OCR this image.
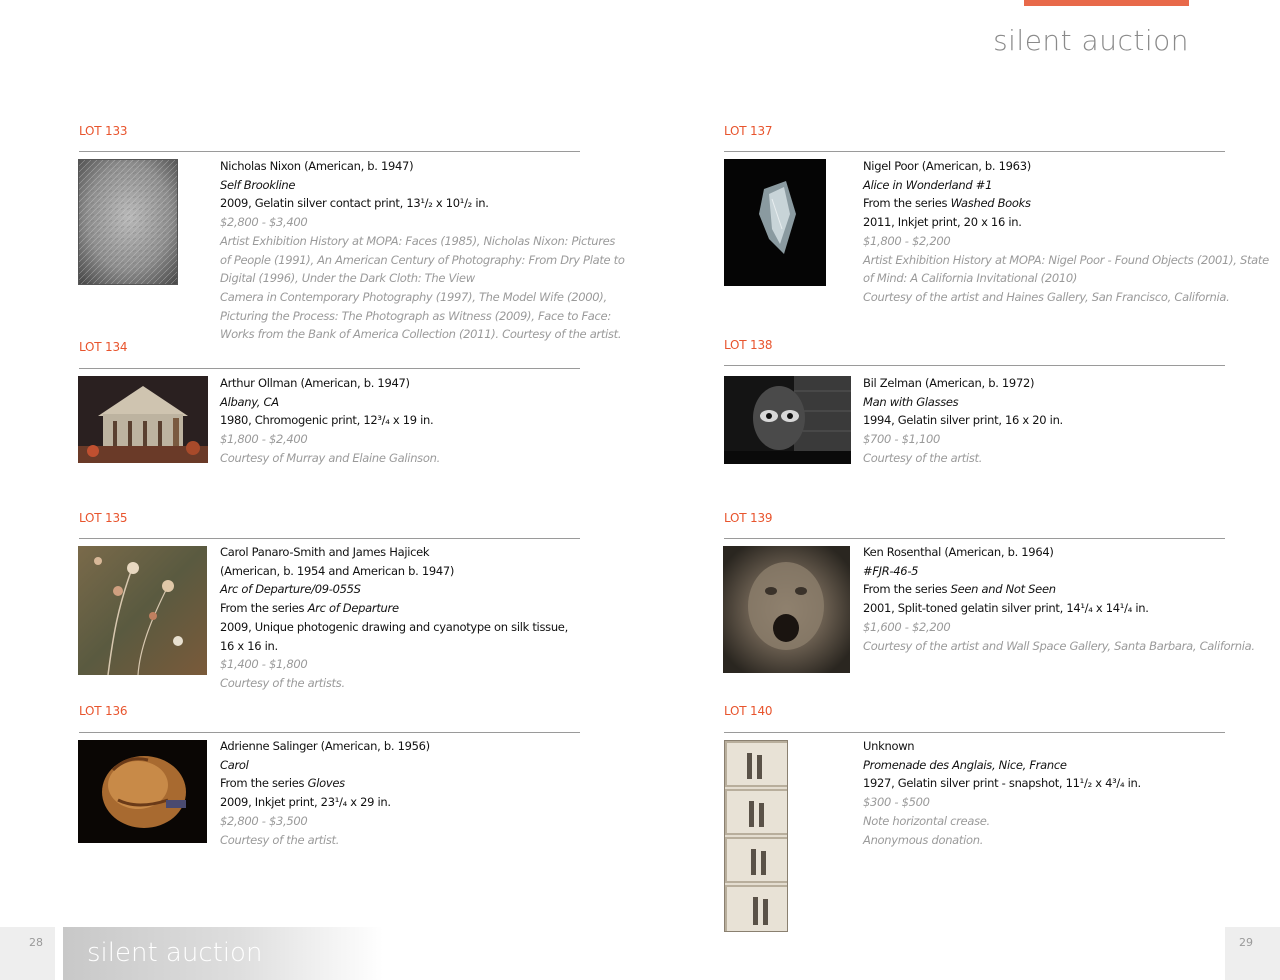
silent auction
LOT 133
Nicholas Nixon (American, b. 1947)
Self Brookline
2009, Gelatin silver contact print, 13¹/₂ x 10¹/₂ in.
$2,800 - $3,400
Artist Exhibition History at MOPA: Faces (1985), Nicholas Nixon: Pictures
of People (1991), An American Century of Photography: From Dry Plate to
Digital (1996), Under the Dark Cloth: The View
Camera in Contemporary Photography (1997), The Model Wife (2000),
Picturing the Process: The Photograph as Witness (2009), Face to Face:
Works from the Bank of America Collection (2011). Courtesy of the artist.
LOT 134
Arthur Ollman (American, b. 1947)
Albany, CA
1980, Chromogenic print, 12³/₄ x 19 in.
$1,800 - $2,400
Courtesy of Murray and Elaine Galinson.
LOT 135
Carol Panaro-Smith and James Hajicek
(American, b. 1954 and American b. 1947)
Arc of Departure/09-055S
From the series Arc of Departure
2009, Unique photogenic drawing and cyanotype on silk tissue,
16 x 16 in.
$1,400 - $1,800
Courtesy of the artists.
LOT 136
Adrienne Salinger (American, b. 1956)
Carol
From the series Gloves
2009, Inkjet print, 23¹/₄ x 29 in.
$2,800 - $3,500
Courtesy of the artist.
LOT 137
Nigel Poor (American, b. 1963)
Alice in Wonderland #1
From the series Washed Books
2011, Inkjet print, 20 x 16 in.
$1,800 - $2,200
Artist Exhibition History at MOPA: Nigel Poor - Found Objects (2001), State
of Mind: A California Invitational (2010)
Courtesy of the artist and Haines Gallery, San Francisco, California.
LOT 138
Bil Zelman (American, b. 1972)
Man with Glasses
1994, Gelatin silver print, 16 x 20 in.
$700 - $1,100
Courtesy of the artist.
LOT 139
Ken Rosenthal (American, b. 1964)
#FJR-46-5
From the series Seen and Not Seen
2001, Split-toned gelatin silver print, 14¹/₄ x 14¹/₄ in.
$1,600 - $2,200
Courtesy of the artist and Wall Space Gallery, Santa Barbara, California.
LOT 140
Unknown
Promenade des Anglais, Nice, France
1927, Gelatin silver print - snapshot, 11¹/₂ x 4³/₄ in.
$300 - $500
Note horizontal crease.
Anonymous donation.
28 silent auction	29
